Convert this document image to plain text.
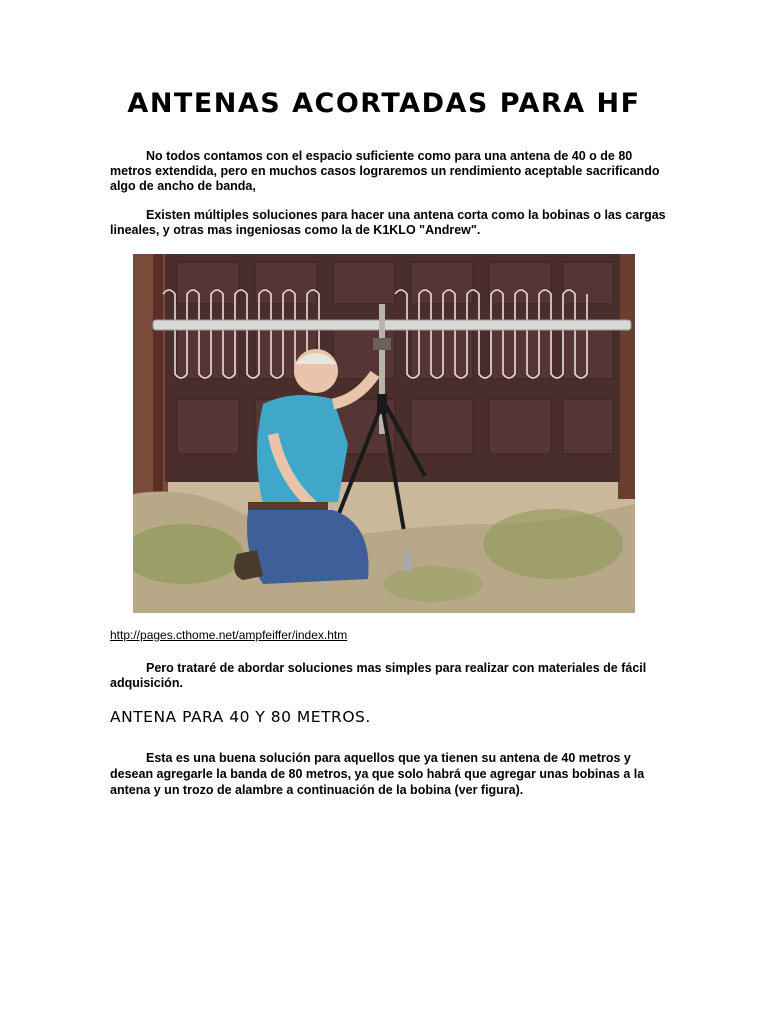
ANTENAS ACORTADAS PARA HF
No todos contamos con el espacio suficiente como para una antena de 40 o de 80 metros extendida, pero en muchos casos lograremos un rendimiento aceptable sacrificando algo de ancho de banda,
Existen múltiples soluciones para hacer una antena corta como la bobinas o las cargas lineales, y otras mas ingeniosas como la de K1KLO "Andrew".
http://pages.cthome.net/ampfeiffer/index.htm
Pero trataré de abordar soluciones mas simples para realizar con materiales de fácil adquisición.
ANTENA PARA 40 Y 80 METROS.
Esta es una buena solución para aquellos que ya tienen su antena de 40 metros y desean agregarle la banda de 80 metros, ya que solo habrá que agregar unas bobinas a la antena y un trozo de alambre a continuación de la bobina (ver figura).
